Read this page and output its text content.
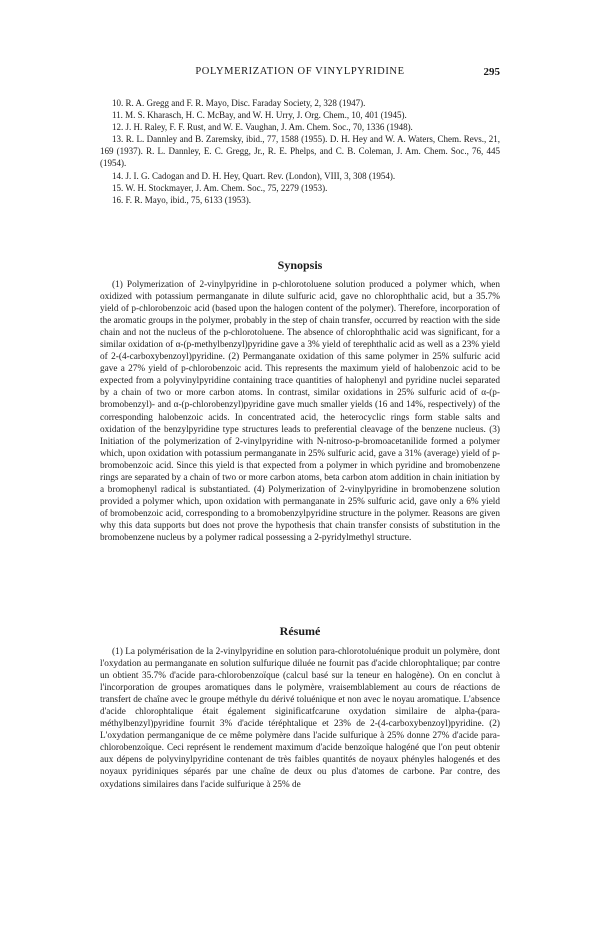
POLYMERIZATION OF VINYLPYRIDINE	295

10. R. A. Gregg and F. R. Mayo, Disc. Faraday Society, 2, 328 (1947).

11. M. S. Kharasch, H. C. McBay, and W. H. Urry, J. Org. Chem., 10, 401 (1945).

12. J. H. Raley, F. F. Rust, and W. E. Vaughan, J. Am. Chem. Soc., 70, 1336 (1948).

13. R. L. Dannley and B. Zaremsky, ibid., 77, 1588 (1955). D. H. Hey and W. A. Waters, Chem. Revs., 21, 169 (1937). R. L. Dannley, E. C. Gregg, Jr., R. E. Phelps, and C. B. Coleman, J. Am. Chem. Soc., 76, 445 (1954).

14. J. I. G. Cadogan and D. H. Hey, Quart. Rev. (London), VIII, 3, 308 (1954).

15. W. H. Stockmayer, J. Am. Chem. Soc., 75, 2279 (1953).

16. F. R. Mayo, ibid., 75, 6133 (1953).

Synopsis

(1) Polymerization of 2-vinylpyridine in p-chlorotoluene solution produced a polymer which, when oxidized with potassium permanganate in dilute sulfuric acid, gave no chlorophthalic acid, but a 35.7% yield of p-chlorobenzoic acid (based upon the halogen content of the polymer). Therefore, incorporation of the aromatic groups in the polymer, probably in the step of chain transfer, occurred by reaction with the side chain and not the nucleus of the p-chlorotoluene. The absence of chlorophthalic acid was significant, for a similar oxidation of α-(p-methylbenzyl)pyridine gave a 3% yield of terephthalic acid as well as a 23% yield of 2-(4-carboxybenzoyl)pyridine. (2) Permanganate oxidation of this same polymer in 25% sulfuric acid gave a 27% yield of p-chlorobenzoic acid. This represents the maximum yield of halobenzoic acid to be expected from a polyvinylpyridine containing trace quantities of halophenyl and pyridine nuclei separated by a chain of two or more carbon atoms. In contrast, similar oxidations in 25% sulfuric acid of α-(p-bromobenzyl)- and α-(p-chlorobenzyl)pyridine gave much smaller yields (16 and 14%, respectively) of the corresponding halobenzoic acids. In concentrated acid, the heterocyclic rings form stable salts and oxidation of the benzylpyridine type structures leads to preferential cleavage of the benzene nucleus. (3) Initiation of the polymerization of 2-vinylpyridine with N-nitroso-p-bromoacetanilide formed a polymer which, upon oxidation with potassium permanganate in 25% sulfuric acid, gave a 31% (average) yield of p-bromobenzoic acid. Since this yield is that expected from a polymer in which pyridine and bromobenzene rings are separated by a chain of two or more carbon atoms, beta carbon atom addition in chain initiation by a bromophenyl radical is substantiated. (4) Polymerization of 2-vinylpyridine in bromobenzene solution provided a polymer which, upon oxidation with permanganate in 25% sulfuric acid, gave only a 6% yield of bromobenzoic acid, corresponding to a bromobenzylpyridine structure in the polymer. Reasons are given why this data supports but does not prove the hypothesis that chain transfer consists of substitution in the bromobenzene nucleus by a polymer radical possessing a 2-pyridylmethyl structure.

Résumé

(1) La polymérisation de la 2-vinylpyridine en solution para-chlorotoluénique produit un polymère, dont l'oxydation au permanganate en solution sulfurique diluée ne fournit pas d'acide chlorophtalique; par contre un obtient 35.7% d'acide para-chlorobenzoïque (calcul basé sur la teneur en halogène). On en conclut à l'incorporation de groupes aromatiques dans le polymère, vraisemblablement au cours de réactions de transfert de chaîne avec le groupe méthyle du dérivé toluénique et non avec le noyau aromatique. L'absence d'acide chlorophtalique était également siginificatfcarune oxydation similaire de alpha-(para-méthylbenzyl)pyridine fournit 3% d'acide téréphtalique et 23% de 2-(4-carboxybenzoyl)pyridine. (2) L'oxydation permanganique de ce même polymère dans l'acide sulfurique à 25% donne 27% d'acide para-chlorobenzoïque. Ceci représent le rendement maximum d'acide benzoïque halogéné que l'on peut obtenir aux dépens de polyvinylpyridine contenant de très faibles quantités de noyaux phényles halogenés et des noyaux pyridiniques séparés par une chaîne de deux ou plus d'atomes de carbone. Par contre, des oxydations similaires dans l'acide sulfurique à 25% de
